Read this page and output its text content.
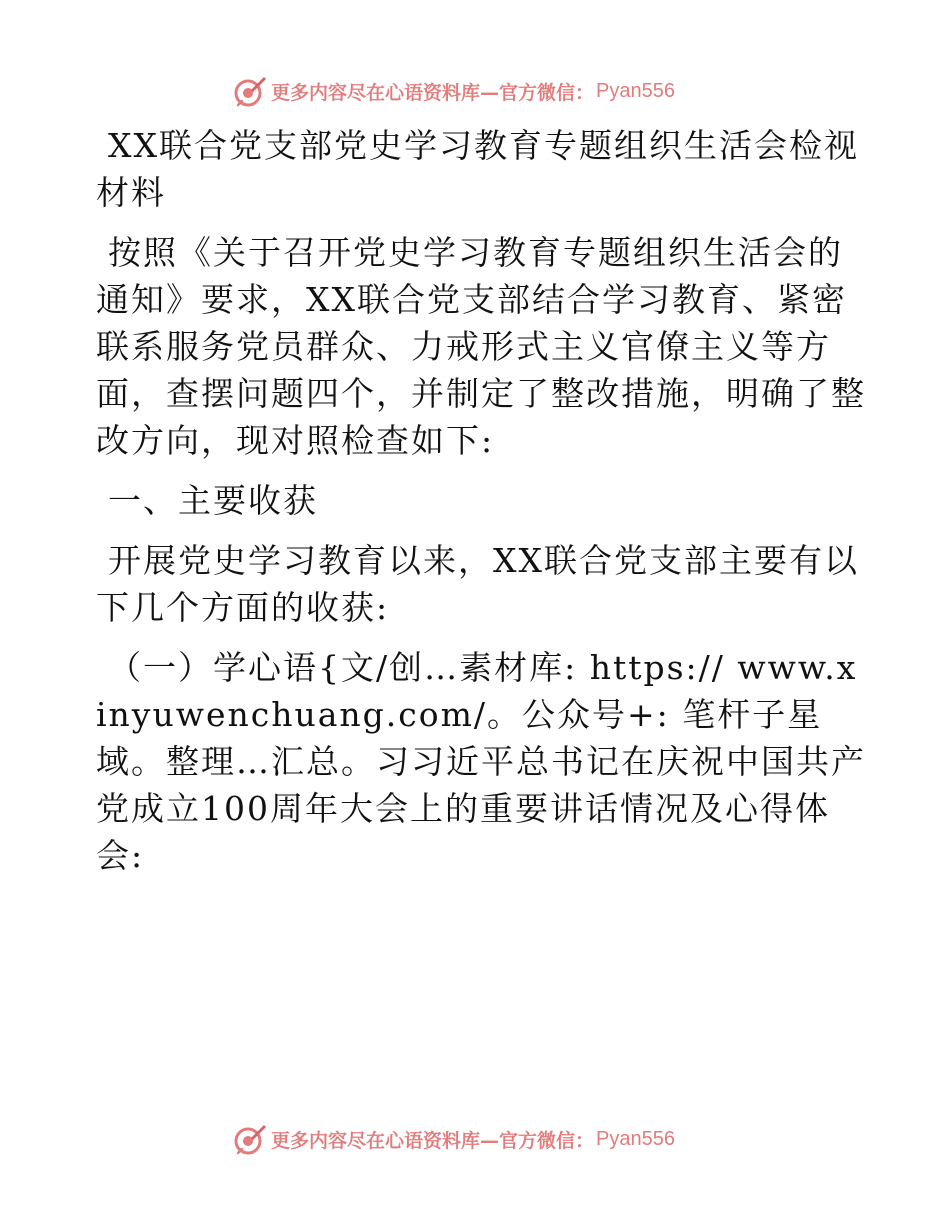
更多内容尽在心语资料库— 官方微信： Pyan556

XX联合党支部党史学习教育专题组织生活会检视材料

按照《关于召开党史学习教育专题组织生活会的通知》要求，XX联合党支部结合学习教育、紧密联系服务党员群众、力戒形式主义官僚主义等方面，查摆问题四个，并制定了整改措施，明确了整改方向，现对照检查如下:

一、主要收获

开展党史学习教育以来，XX联合党支部主要有以下几个方面的收获:

（一）学心语{文/创…素材库: https:// www.xinyuwenchuang.com/。公众号+: 笔杆子星域。整理…汇总。习习近平总书记在庆祝中国共产党成立100周年大会上的重要讲话情况及心得体会:

更多内容尽在心语资料库— 官方微信： Pyan556
